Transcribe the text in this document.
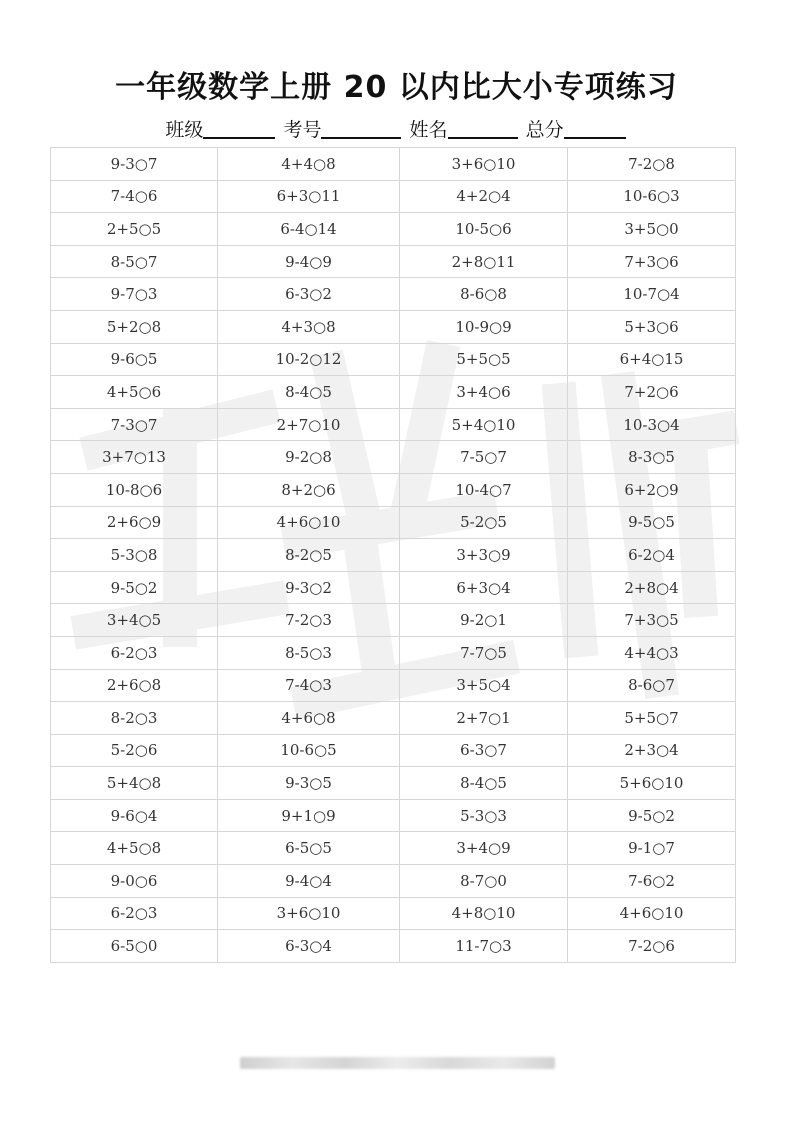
一年级数学上册 20 以内比大小专项练习
班级	考号	姓名	总分
9-3○7	4+4○8	3+6○10	7-2○8
7-4○6	6+3○11	4+2○4	10-6○3
2+5○5	6-4○14	10-5○6	3+5○0
8-5○7	9-4○9	2+8○11	7+3○6
9-7○3	6-3○2	8-6○8	10-7○4
5+2○8	4+3○8	10-9○9	5+3○6
9-6○5	10-2○12	5+5○5	6+4○15
4+5○6	8-4○5	3+4○6	7+2○6
7-3○7	2+7○10	5+4○10	10-3○4
3+7○13	9-2○8	7-5○7	8-3○5
10-8○6	8+2○6	10-4○7	6+2○9
2+6○9	4+6○10	5-2○5	9-5○5
5-3○8	8-2○5	3+3○9	6-2○4
9-5○2	9-3○2	6+3○4	2+8○4
3+4○5	7-2○3	9-2○1	7+3○5
6-2○3	8-5○3	7-7○5	4+4○3
2+6○8	7-4○3	3+5○4	8-6○7
8-2○3	4+6○8	2+7○1	5+5○7
5-2○6	10-6○5	6-3○7	2+3○4
5+4○8	9-3○5	8-4○5	5+6○10
9-6○4	9+1○9	5-3○3	9-5○2
4+5○8	6-5○5	3+4○9	9-1○7
9-0○6	9-4○4	8-7○0	7-6○2
6-2○3	3+6○10	4+8○10	4+6○10
6-5○0	6-3○4	11-7○3	7-2○6
